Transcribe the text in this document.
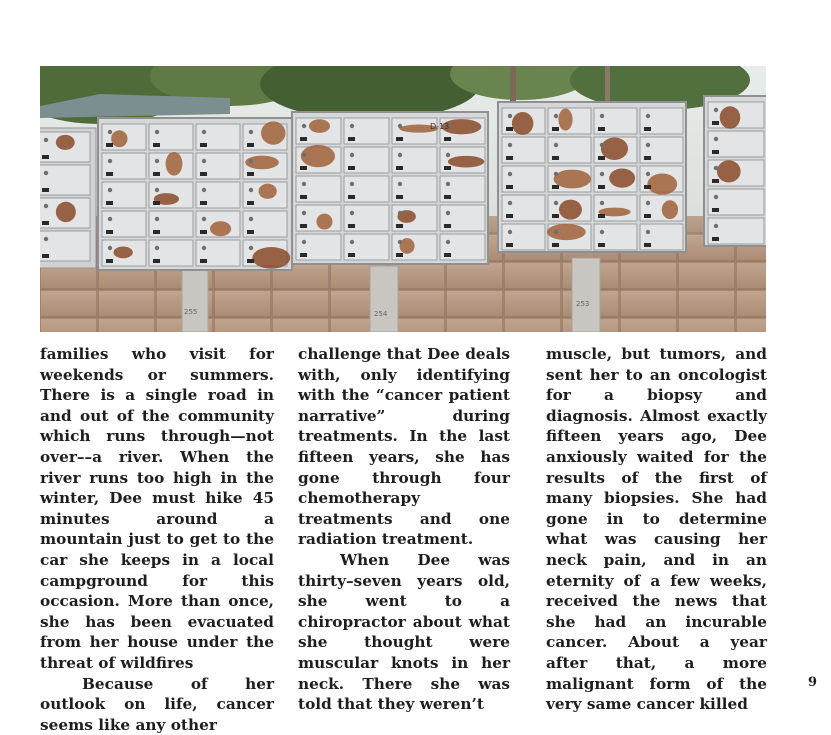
255	254
253
D-13

families who visit for weekends or summers. There is a single road in and out of the community which runs through—not over––a river. When the river runs too high in the winter, Dee must hike 45 minutes around a mountain just to get to the car she keeps in a local campground for this occasion. More than once, she has been evacuated from her house under the threat of wildfires

Because of her outlook on life, cancer seems like any other

challenge that Dee deals with, only identifying with the “cancer patient narrative” during treatments. In the last fifteen years, she has gone through four chemotherapy treatments and one radiation treatment.

When Dee was thirty–seven years old, she went to a chiropractor about what she thought were muscular knots in her neck. There she was told that they weren’t

muscle, but tumors, and sent her to an oncologist for a biopsy and diagnosis. Almost exactly fifteen years ago, Dee anxiously waited for the results of the first of many biopsies. She had gone in to determine what was causing her neck pain, and in an eternity of a few weeks, received the news that she had an incurable cancer. About a year after that, a more malignant form of the very same cancer killed

9
